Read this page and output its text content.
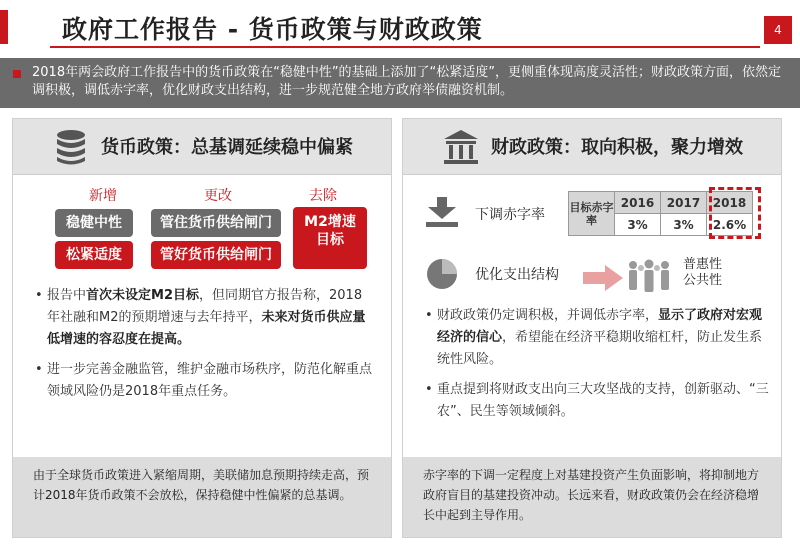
政府工作报告 - 货币政策与财政政策	4
2018年两会政府工作报告中的货币政策在“稳健中性”的基础上添加了“松紧适度”，更侧重体现高度灵活性；财政政策方面，依然定调积极，调低赤字率，优化财政支出结构，进一步规范健全地方政府举债融资机制。
货币政策：总基调延续稳中偏紧
新增	更改	去除
稳健中性
松紧适度
管住货币供给闸门
管好货币供给闸门
M2增速
目标
• 报告中首次未设定M2目标，但同期官方报告称，2018年社融和M2的预期增速与去年持平，未来对货币供应量低增速的容忍度在提高。
• 进一步完善金融监管，维护金融市场秩序，防范化解重点领域风险仍是2018年重点任务。
由于全球货币政策进入紧缩周期，美联储加息预期持续走高，预计2018年货币政策不会放松，保持稳健中性偏紧的总基调。
财政政策：取向积极，聚力增效
下调赤字率 目标赤字率	2016	2017	2018
	3%	3%	2.6%
优化支出结构
普惠性
公共性
• 财政政策仍定调积极，并调低赤字率，显示了政府对宏观经济的信心，希望能在经济平稳期收缩杠杆，防止发生系统性风险。
• 重点提到将财政支出向三大攻坚战的支持，创新驱动、“三农”、民生等领域倾斜。
赤字率的下调一定程度上对基建投资产生负面影响，将抑制地方政府盲目的基建投资冲动。长远来看，财政政策仍会在经济稳增长中起到主导作用。
